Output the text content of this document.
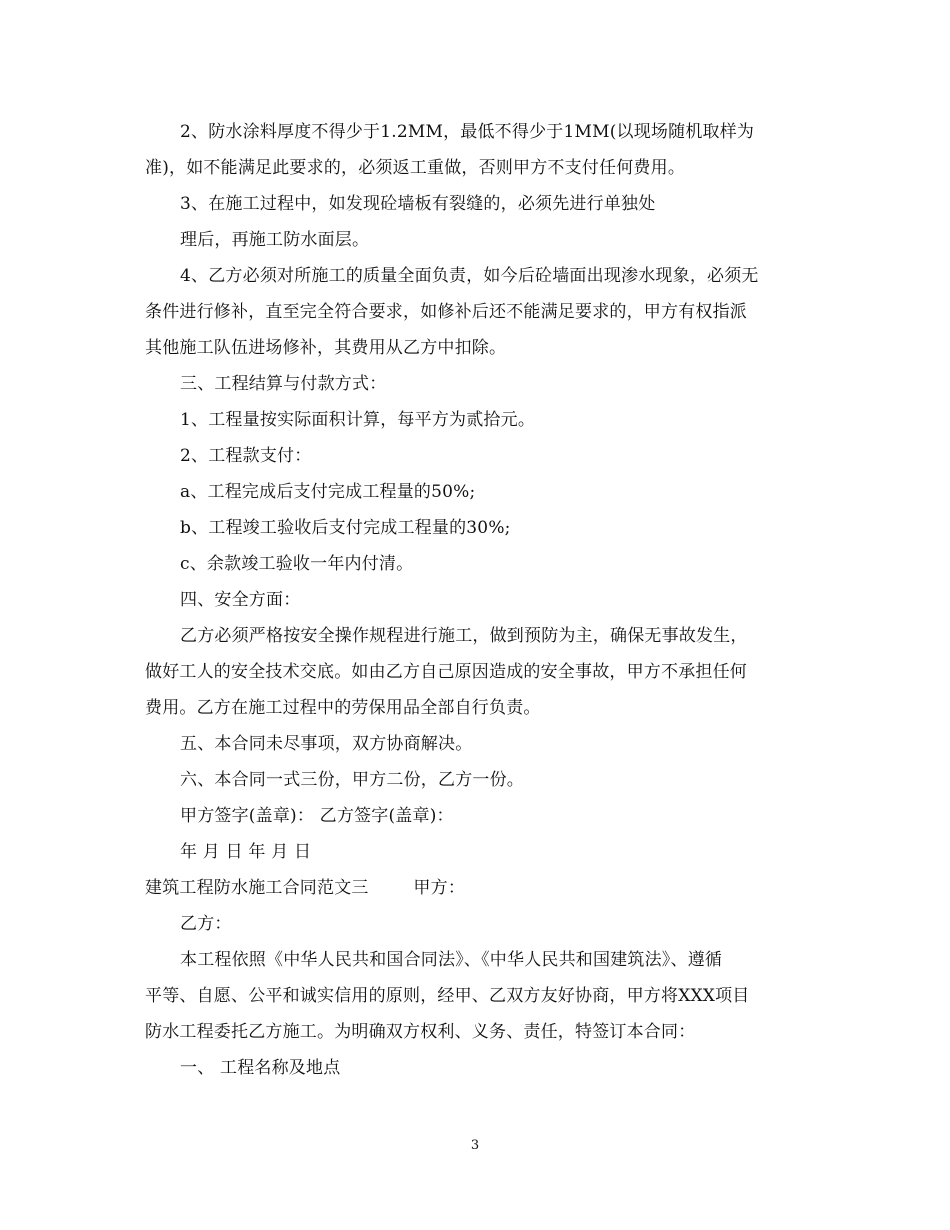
2、防水涂料厚度不得少于1.2MM，最低不得少于1MM(以现场随机取样为
准)，如不能满足此要求的，必须返工重做，否则甲方不支付任何费用。
3、在施工过程中，如发现砼墙板有裂缝的，必须先进行单独处
理后，再施工防水面层。
4、乙方必须对所施工的质量全面负责，如今后砼墙面出现渗水现象，必须无
条件进行修补，直至完全符合要求，如修补后还不能满足要求的，甲方有权指派
其他施工队伍进场修补，其费用从乙方中扣除。
三、工程结算与付款方式：
1、工程量按实际面积计算，每平方为贰拾元。
2、工程款支付：
a、工程完成后支付完成工程量的50%;
b、工程竣工验收后支付完成工程量的30%;
c、余款竣工验收一年内付清。
四、安全方面：
乙方必须严格按安全操作规程进行施工，做到预防为主，确保无事故发生，
做好工人的安全技术交底。如由乙方自己原因造成的安全事故，甲方不承担任何
费用。乙方在施工过程中的劳保用品全部自行负责。
五、本合同未尽事项，双方协商解决。
六、本合同一式三份，甲方二份，乙方一份。
甲方签字(盖章)： 乙方签字(盖章)：
年 月 日 年 月 日
建筑工程防水施工合同范文三        甲方：
乙方：
本工程依照《中华人民共和国合同法》、《中华人民共和国建筑法》、遵循
平等、自愿、公平和诚实信用的原则，经甲、乙双方友好协商，甲方将XXX项目
防水工程委托乙方施工。为明确双方权利、义务、责任，特签订本合同：
一、 工程名称及地点
3
